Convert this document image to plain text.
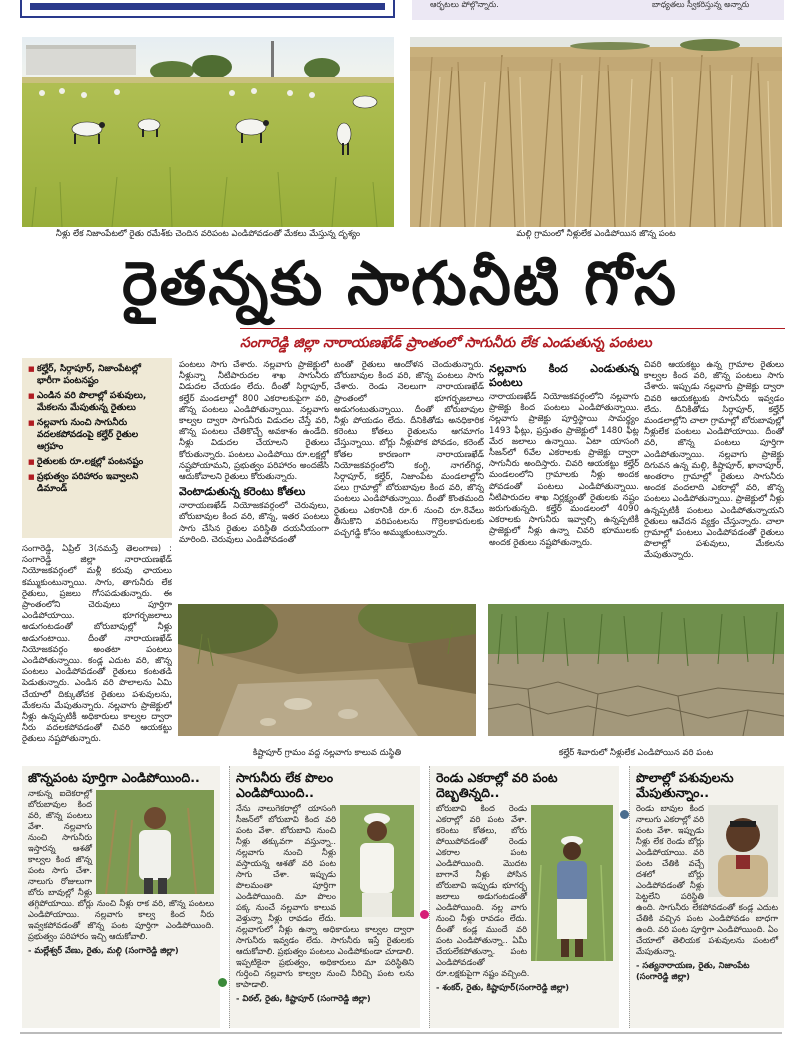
ఆర్భటలు పోల్గొన్నారు.	బాధ్యతలు స్వీకరిస్తున్న అన్నారు
నీళ్లు లేక నిజాంపేటలో రైతు రమేశ్‌కు చెందిన వరిపంట ఎండిపోవడంతో మేకలు మేస్తున్న దృశ్యం	మల్గి గ్రామంలో నీళ్లులేక ఎండిపోయిన జొన్న పంట
రైతన్నకు సాగునీటి గోస
సంగారెడ్డి జిల్లా నారాయణఖేడ్ ప్రాంతంలో సాగునీరు లేక ఎండుతున్న పంటలు
■ కల్హేర్, సిర్గాపూర్, నిజాంపేటల్లో భారీగా పంటనష్టం
■ ఎండిన వరి పొలాల్లో పశువులు, మేకలను మేపుతున్న రైతులు
■ నల్లవాగు నుంచి సాగునీరు వదలకపోవడంపై కల్హేర్ రైతుల ఆగ్రహం
■ రైతులకు రూ.లక్షల్లో పంటనష్టం
■ ప్రభుత్వం పరిహారం ఇవ్వాలని డిమాండ్

సంగారెడ్డి, ఏప్రిల్ 3(నమస్తే తెలంగాణ) : సంగారెడ్డి జిల్లా నారాయణఖేడ్ నియోజకవర్గంలో మళ్లీ కరువు ఛాయలు కమ్ముకుంటున్నాయి. సాగు, తాగునీరు లేక రైతులు, ప్రజలు గోసపడుతున్నారు. ఈ ప్రాంతంలోని చెరువులు పూర్తిగా ఎండిపోయాయి. భూగర్భజలాలు అడుగంటడంతో బోరుబావుల్లో నీళ్లు అడుగంటాయి. దీంతో నారాయణఖేడ్ నియోజకవర్గం అంతటా పంటలు ఎండిపోతున్నాయి. కండ్ల ఎదుట వరి, జొన్న పంటలు ఎండిపోవడంతో రైతులు కంటతడి పెడుతున్నారు. ఎండిన వరి పొలాలను ఏమి చేయాలో దిక్కుతోచక రైతులు పశువులను, మేకలను మేపుతున్నారు. నల్లవాగు ప్రాజెక్టులో నీళ్లు ఉన్నప్పటికీ అధికారులు కాల్వల ద్వారా నీరు వదలకపోవడంతో చివరి ఆయకట్టు రైతులు నష్టపోతున్నారు.

పంటలు సాగు చేశారు. నల్లవాగు ప్రాజెక్టులో నీళ్లున్నా నీటిపారుదల శాఖ సాగునీరు విడుదల చేయడం లేదు. దీంతో సిర్గాపూర్, కల్హేర్ మండలాల్లో 800 ఎకరాలకుపైగా వరి, జొన్న పంటలు ఎండిపోతున్నాయి. నల్లవాగు కాల్వల ద్వారా సాగునీరు విడుదల చేస్తే వరి, జొన్న పంటలు చేతికొచ్చే అవకాశం ఉండేది. నీళ్లు విడుదల చేయాలని రైతులు కోరుతున్నారు. పంటలు ఎండిపోయి రూ.లక్షల్లో నష్టపోయామని, ప్రభుత్వం పరిహారం అందజేసి ఆదుకోవాలని రైతులు కోరుతున్నారు.

వెంటాడుతున్న కరెంటు కోతలు

నారాయణఖేడ్ నియోజకవర్గంలో చెరువులు, బోరుబావుల కింద వరి, జొన్న, ఇతర పంటలు సాగు చేసిన రైతుల పరిస్థితి దయనీయంగా మారింది. చెరువులు ఎండిపోవడంతో

టంతో రైతులు ఆందోళన చెందుతున్నారు. బోరుబావుల కింద వరి, జొన్న పంటలు సాగు చేశారు. రెండు నెలలుగా నారాయణఖేడ్ ప్రాంతంలో భూగర్భజలాలు అడుగంటుతున్నాయి. దీంతో బోరుబావుల నీళ్లు పోయడం లేదు. దీనికితోడు అనధికారిక కరెంటు కోతలు రైతులను ఆగమాగం చేస్తున్నాయి. బోర్లు నీళ్లుపోక పోవడం, కరెంట్ కోతల కారణంగా నారాయణఖేడ్ నియోజకవర్గంలోని కంగ్టి, నాగల్‌గిద్ద, సిర్గాపూర్, కల్హేర్, నిజాంపేట మండలాల్లోని పలు గ్రామాల్లో బోరుబావుల కింద వరి, జొన్న పంటలు ఎండిపోతున్నాయి. దీంతో కొంతమంది రైతులు ఎకరానికి రూ.6 నుంచి రూ.8వేలు తీసుకొని వరిపంటలను గొర్రెలకాపరులకు పచ్చగడ్డి కోసం అమ్ముకుంటున్నారు.

నల్లవాగు కింద ఎండుతున్న పంటలు

నారాయణఖేడ్ నియోజకవర్గంలోని నల్లవాగు ప్రాజెక్టు కింద పంటలు ఎండిపోతున్నాయి. నల్లవాగు ప్రాజెక్టు పూర్తిస్థాయి సామర్థ్యం 1493 ఫీట్లు, ప్రస్తుతం ప్రాజెక్టులో 1480 ఫీట్ల మేర జలాలు ఉన్నాయి. ఏటా యాసంగి సీజన్‌లో 6వేల ఎకరాలకు ప్రాజెక్టు ద్వారా సాగునీరు అందిస్తారు. చివరి ఆయకట్టు కల్హేర్ మండలంలోని గ్రామాలకు నీళ్లు అందక పోవడంతో పంటలు ఎండిపోతున్నాయి. నీటిపారుదల శాఖ నిర్లక్ష్యంతో రైతులకు నష్టం జరుగుతున్నది. కల్హేర్ మండలంలో 4090 ఎకరాలకు సాగునీరు ఇవ్వాల్సి ఉన్నప్పటికీ ప్రాజెక్టులో నీళ్లు ఉన్నా చివరి భూములకు అందక రైతులు నష్టపోతున్నారు.

చివరి ఆయకట్టు ఉన్న గ్రామాల రైతులు కాల్వల కింద వరి, జొన్న పంటలు సాగు చేశారు. ఇప్పుడు నల్లవాగు ప్రాజెక్టు ద్వారా చివరి ఆయకట్టుకు సాగునీరు ఇవ్వడం లేదు. దీనికితోడు సిర్గాపూర్, కల్హేర్ మండలాల్లోని చాలా గ్రామాల్లో బోరుబావుల్లో నీళ్లులేక పంటలు ఎండిపోయాయి. దీంతో వరి, జొన్న పంటలు పూర్తిగా ఎండిపోతున్నాయి. నల్లవాగు ప్రాజెక్టు దిగువన ఉన్న మల్గి, కిష్టాపూర్, ఖానాపూర్, అంతరాం గ్రామాల్లో రైతులు సాగునీరు అందక వందలాది ఎకరాల్లో వరి, జొన్న పంటలు ఎండిపోతున్నాయి. ప్రాజెక్టులో నీళ్లు ఉన్నప్పటికీ పంటలు ఎండిపోతున్నాయని రైతులు ఆవేదన వ్యక్తం చేస్తున్నారు. చాలా గ్రామాల్లో పంటలు ఎండిపోవడంతో రైతులు పొలాల్లో పశువులు, మేకలను మేపుతున్నారు.

కిష్టాపూర్ గ్రామం వద్ద నల్లవాగు కాలువ దుస్థితి	కల్హేర్ శివారులో నీళ్లులేక ఎండిపోయిన వరి పంట
జొన్నపంట పూర్తిగా ఎండిపోయింది..
నాకున్న ఐదెకరాల్లో బోరుబావుల కింద వరి, జొన్న పంటలు వేశా. నల్లవాగు నుంచి సాగునీరు ఇస్తారన్న ఆశతో కాల్వల కింద జొన్న పంట సాగు చేశా. నాలుగు రోజులుగా బోరు బావుల్లో నీళ్లు తగ్గిపోయాయి. బోర్లు నుంచి నీళ్లు రాక వరి, జొన్న పంటలు ఎండిపోయాయి. నల్లవాగు కాల్వ కింద నీరు ఇవ్వకపోవడంతో జొన్న పంట పూర్తిగా ఎండిపోయింది. ప్రభుత్వం పరిహారం ఇచ్చి ఆదుకోవాలి.
- మల్లేశ్వర్ వేణు, రైతు, మల్గి (సంగారెడ్డి జిల్లా)
సాగునీరు లేక పొలం ఎండిపోయింది..
నేను నాలుగెకరాల్లో యాసంగి సీజన్‌లో బోరుబావి కింద వరి పంట వేశా. బోరుబావి నుంచి నీళ్లు తక్కువగా వస్తున్నా.. నల్లవాగు నుంచి నీళ్లు వస్తాయన్న ఆశతో వరి పంట సాగు చేశా. ఇప్పుడు పొలమంతా పూర్తిగా ఎండిపోయింది. మా పొలం పక్క నుంచే నల్లవాగు కాలువ వెళ్తున్నా నీళ్లు రావడం లేదు. నల్లవాగులో నీళ్లు ఉన్నా అధికారులు కాల్వల ద్వారా సాగునీరు ఇవ్వడం లేదు. సాగునీరు ఇస్తే రైతులకు ఆదుకోవాలి. ప్రభుత్వం పంటలు ఎండిపోకుండా చూడాలి. ఇప్పటికైనా ప్రభుత్వం, అధికారులు మా పరిస్థితిని గుర్తించి నల్లవాగు కాల్వల నుంచి నీరిచ్చి పంట లను కాపాడాలి.
- విఠల్, రైతు, కిష్టాపూర్ (సంగారెడ్డి జిల్లా)
రెండు ఎకరాల్లో వరి పంట దెబ్బతిన్నది..
బోరుబావి కింద రెండు ఎకరాల్లో వరి పంట వేశా. కరెంటు కోతలు, బోరు పోయిపోవడంతో రెండు ఎకరాల పంట ఎండిపోయింది. మొదట బాగానే నీళ్లు పోసిన బోరుబావి ఇప్పుడు భూగర్భ జలాలు అడుగంటడంతో ఎండిపోయింది. నల్ల వాగు నుంచి నీళ్లు రావడం లేదు. దీంతో కండ్ల ముందే వరి పంట ఎండిపోతున్నా.. ఏమీ చేయలేకపోతున్నా. పంట ఎండిపోవడంతో రూ.లక్షకుపైగా నష్టం వచ్చింది.
- శంకర్, రైతు, కిష్టాపూర్(సంగారెడ్డి జిల్లా)
పొలాల్లో పశువులను మేపుతున్నాం..
రెండు బావుల కింద నాలుగు ఎకరాల్లో వరి పంట వేశా. ఇప్పుడు నీళ్లు లేక రెండు బోర్లు ఎండిపోయాయి. వరి పంట చేతికి వచ్చే దశలో బోర్లు ఎండిపోవడంతో నీళ్లు పెట్టలేని పరిస్థితి ఉంది. సాగునీరు లేకపోవడంతో కండ్ల ఎదుట చేతికి వచ్చిన పంట ఎండిపోవడం బాధగా ఉంది. వరి పంట పూర్తిగా ఎండిపోయింది. ఏం చేయాలో తెలియక పశువులను పంటలో మేపుతున్నా.
- సత్యనారాయణ, రైతు, నిజాంపేట (సంగారెడ్డి జిల్లా)
